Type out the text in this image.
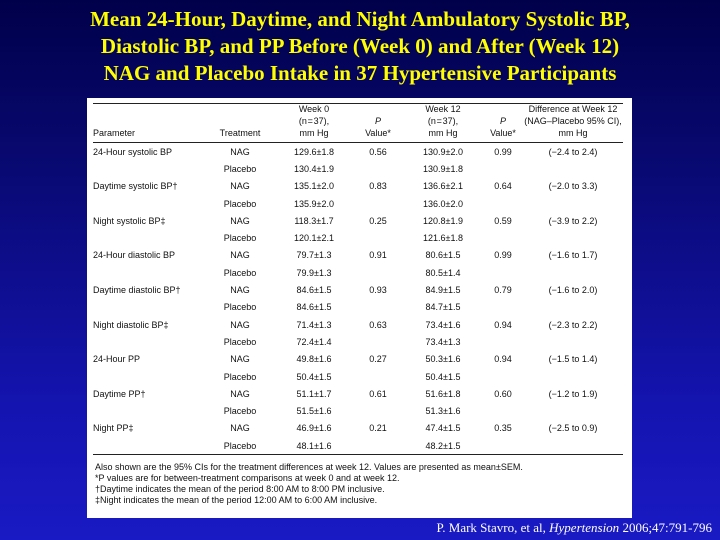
Mean 24-Hour, Daytime, and Night Ambulatory Systolic BP,
Diastolic BP, and PP Before (Week 0) and After (Week 12)
NAG and Placebo Intake in 37 Hypertensive Participants
		Week 0		Week 12		Difference at Week 12
		(n = 37),	P	(n = 37),	P	(NAG–Placebo 95% CI),
Parameter	Treatment	mm Hg	Value*	mm Hg	Value*	mm Hg
24-Hour systolic BP	NAG	129.6±1.8	0.56	130.9±2.0	0.99	(−2.4 to 2.4)
	Placebo	130.4±1.9		130.9±1.8		
Daytime systolic BP†	NAG	135.1±2.0	0.83	136.6±2.1	0.64	(−2.0 to 3.3)
	Placebo	135.9±2.0		136.0±2.0		
Night systolic BP‡	NAG	118.3±1.7	0.25	120.8±1.9	0.59	(−3.9 to 2.2)
	Placebo	120.1±2.1		121.6±1.8		
24-Hour diastolic BP	NAG	79.7±1.3	0.91	80.6±1.5	0.99	(−1.6 to 1.7)
	Placebo	79.9±1.3		80.5±1.4		
Daytime diastolic BP†	NAG	84.6±1.5	0.93	84.9±1.5	0.79	(−1.6 to 2.0)
	Placebo	84.6±1.5		84.7±1.5		
Night diastolic BP‡	NAG	71.4±1.3	0.63	73.4±1.6	0.94	(−2.3 to 2.2)
	Placebo	72.4±1.4		73.4±1.3		
24-Hour PP	NAG	49.8±1.6	0.27	50.3±1.6	0.94	(−1.5 to 1.4)
	Placebo	50.4±1.5		50.4±1.5		
Daytime PP†	NAG	51.1±1.7	0.61	51.6±1.8	0.60	(−1.2 to 1.9)
	Placebo	51.5±1.6		51.3±1.6		
Night PP‡	NAG	46.9±1.6	0.21	47.4±1.5	0.35	(−2.5 to 0.9)
	Placebo	48.1±1.6		48.2±1.5		

Also shown are the 95% CIs for the treatment differences at week 12. Values are presented as mean±SEM.
*P values are for between-treatment comparisons at week 0 and at week 12.
†Daytime indicates the mean of the period 8:00 AM to 8:00 PM inclusive.
‡Night indicates the mean of the period 12:00 AM to 6:00 AM inclusive.
P. Mark Stavro, et al, Hypertension 2006;47:791-796
